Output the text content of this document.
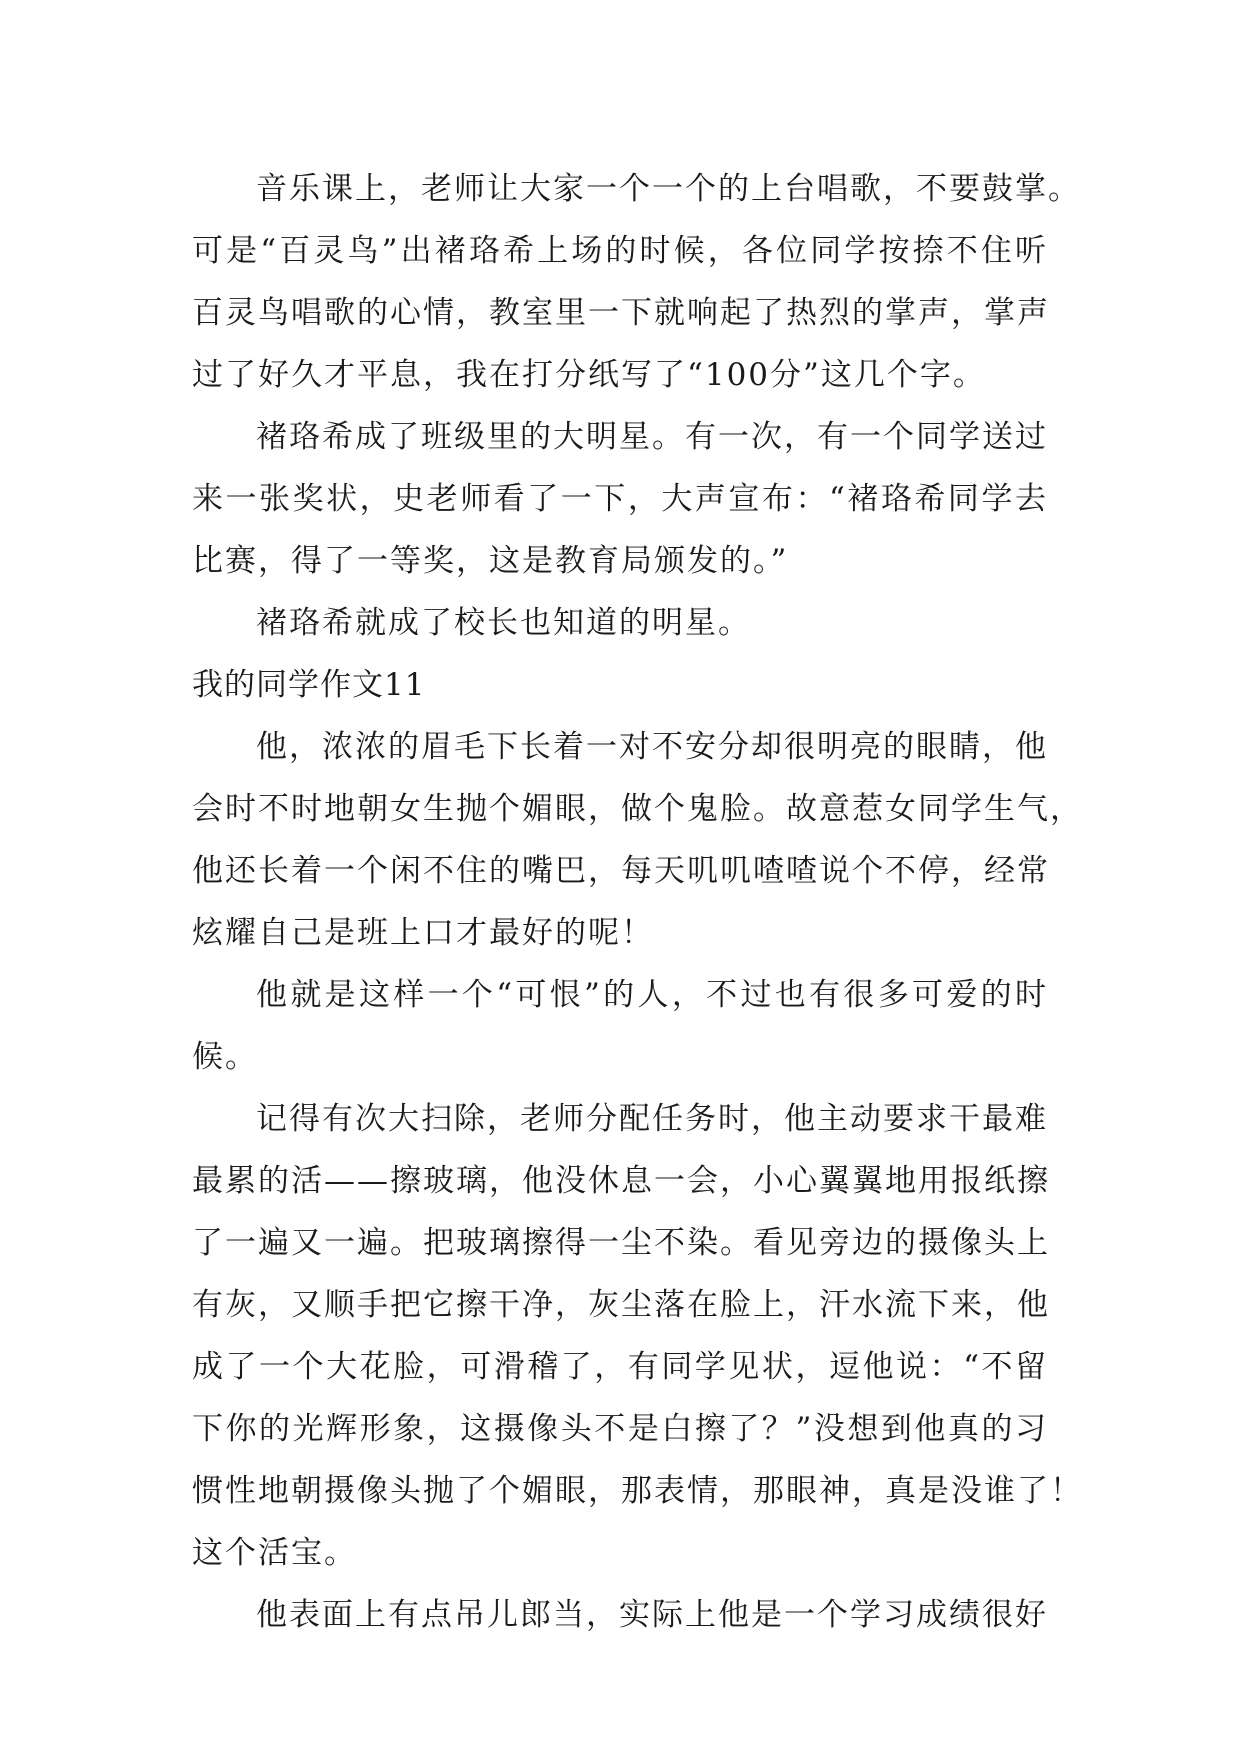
音乐课上，老师让大家一个一个的上台唱歌，不要鼓掌。
可是“百灵鸟”出褚珞希上场的时候，各位同学按捺不住听
百灵鸟唱歌的心情，教室里一下就响起了热烈的掌声，掌声
过了好久才平息，我在打分纸写了“100分”这几个字。
褚珞希成了班级里的大明星。有一次，有一个同学送过
来一张奖状，史老师看了一下，大声宣布：“褚珞希同学去
比赛，得了一等奖，这是教育局颁发的。”
褚珞希就成了校长也知道的明星。
我的同学作文11
他，浓浓的眉毛下长着一对不安分却很明亮的眼睛，他
会时不时地朝女生抛个媚眼，做个鬼脸。故意惹女同学生气，
他还长着一个闲不住的嘴巴，每天叽叽喳喳说个不停，经常
炫耀自己是班上口才最好的呢！
他就是这样一个“可恨”的人，不过也有很多可爱的时
候。
记得有次大扫除，老师分配任务时，他主动要求干最难
最累的活——擦玻璃，他没休息一会，小心翼翼地用报纸擦
了一遍又一遍。把玻璃擦得一尘不染。看见旁边的摄像头上
有灰，又顺手把它擦干净，灰尘落在脸上，汗水流下来，他
成了一个大花脸，可滑稽了，有同学见状，逗他说：“不留
下你的光辉形象，这摄像头不是白擦了？”没想到他真的习
惯性地朝摄像头抛了个媚眼，那表情，那眼神，真是没谁了！
这个活宝。
他表面上有点吊儿郎当，实际上他是一个学习成绩很好
